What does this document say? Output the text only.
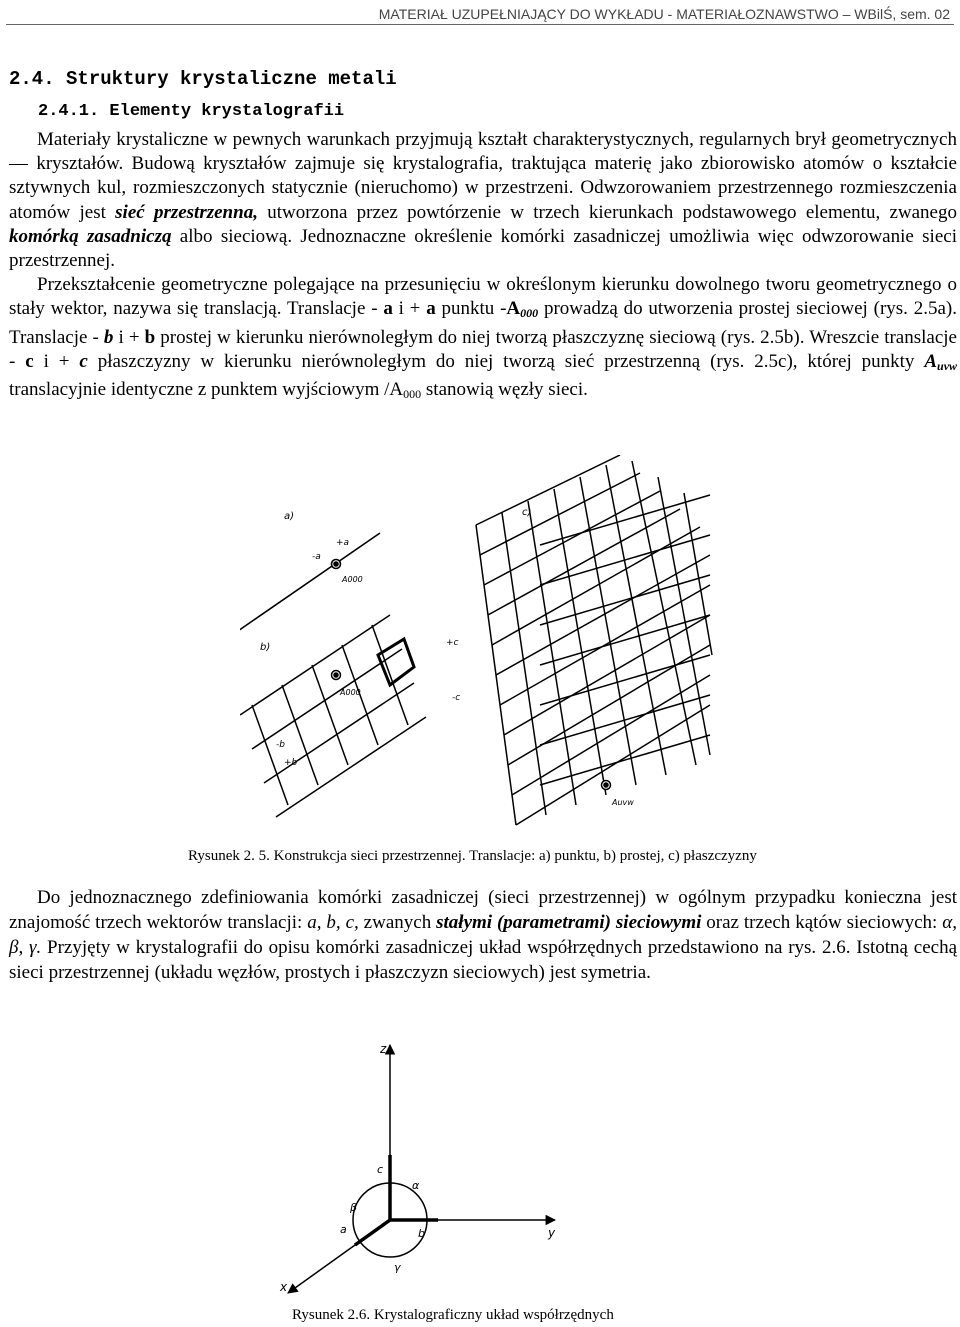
MATERIAŁ UZUPEŁNIAJĄCY DO WYKŁADU - MATERIAŁOZNAWSTWO – WBilŚ, sem. 02
2.4. Struktury krystaliczne metali
2.4.1. Elementy krystalografii
Materiały krystaliczne w pewnych warunkach przyjmują kształt charakterystycznych, regularnych brył geometrycznych — kryształów. Budową kryształów zajmuje się krystalografia, traktująca materię jako zbiorowisko atomów o kształcie sztywnych kul, rozmieszczonych statycznie (nieruchomo) w przestrzeni. Odwzorowaniem przestrzennego rozmieszczenia atomów jest sieć przestrzenna, utworzona przez powtórzenie w trzech kierunkach podstawowego elementu, zwanego komórką zasadniczą albo sieciową. Jednoznaczne określenie komórki zasadniczej umożliwia więc odwzorowanie sieci przestrzennej.
Przekształcenie geometryczne polegające na przesunięciu w określonym kierunku dowolnego tworu geometrycznego o stały wektor, nazywa się translacją. Translacje - a i + a punktu $-A_{000}$ prowadzą do utworzenia prostej sieciowej (rys. 2.5a). Translacje - b i + b prostej w kierunku nierównoległym do niej tworzą płaszczyznę sieciową (rys. 2.5b). Wreszcie translacje - c i + c płaszczyzny w kierunku nierównoległym do niej tworzą sieć przestrzenną (rys. 2.5c), której punkty $A_{uvw}$ translacyjnie identyczne z punktem wyjściowym $/A_{000}$ stanowią węzły sieci.
a)
+a
-a
A000
b)
A000
-b
+b
c)
+c
-c
Auvw
Rysunek 2. 5. Konstrukcja sieci przestrzennej. Translacje: a) punktu, b) prostej, c) płaszczyzny
Do jednoznacznego zdefiniowania komórki zasadniczej (sieci przestrzennej) w ogólnym przypadku konieczna jest znajomość trzech wektorów translacji: a, b, c, zwanych stałymi (parametrami) sieciowymi oraz trzech kątów sieciowych: α, β, γ. Przyjęty w krystalografii do opisu komórki zasadniczej układ współrzędnych przedstawiono na rys. 2.6. Istotną cechą sieci przestrzennej (układu węzłów, prostych i płaszczyzn sieciowych) jest symetria.
z
y
x
c
b
a
α
β
γ
Rysunek 2.6. Krystalograficzny układ współrzędnych
